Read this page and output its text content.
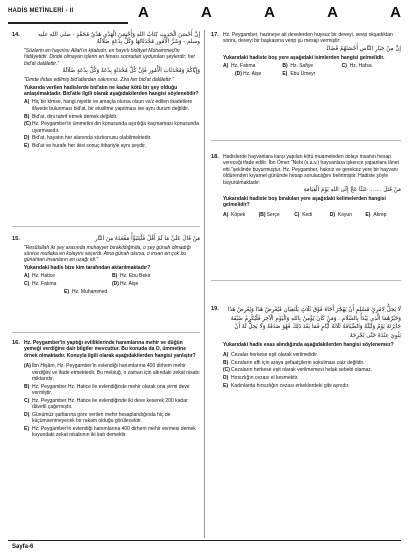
HADİS METİNLERİ - II	A	A	A	A	A
14.	إِنَّ أَحْسَنَ الْحَدِيثِ كِتَابُ اللهِ وَأَحْسَنَ الْهَدْيِ هَدْيُ مُحَمَّدٍ - صلى الله عليه وسلم - وَشَرَّ الْأُمُورِ مُحْدَثَاتُهَا وَكُلُّ بِدْعَةٍ ضَلَالَةٌ

"Sözlerin en hayırlısı Allah'ın kitabıdır, en hayırlı hidâyet Muhammed'in hidâyetidir. Dinde olmayan işlerin en fenası sonradan uydurulan şeylerdir; her bid'at dalâlettir."

وَإِيَّاكُمْ وَمُحْدَثَاتِ الْأُمُورِ فَإِنَّ كُلَّ مُحْدَثَةٍ بِدْعَةٌ وَكُلَّ بِدْعَةٍ ضَلَالَةٌ

"Dinde ihdas edilmiş bid'atlardan sakınınız. Zira her bid'at dalâlettir."

Yukarıda verilen hadislerde bid'atın ne kadar kötü bir şey olduğu anlaşılmaktadır. Bid'atle ilgili olarak aşağıdakilerden hangisi söylenebilir?

A) Hiç bir kimse, hangi niyetle ve amaçla olursa olsun va'z edilen ibadetlere ilâvede bulunması bid'at, bir eksiltme yapılması ise aynı durum değildir.
B) Bid'at, dini tahrif etmek demek değildir.
(C) Hz. Peygamber'in ümmetini din konusunda aşırılığa kaçmaması konusunda uyarmasıdır.
D) Bid'at, hayatın her alanında sözkonusu olabilmektedir.
E) Bid'at ve hurafe her ikisi sonuç itibariyle aynı şeydir.
15.	مَنْ قَالَ عَلَيَّ مَا لَمْ أَقُلْ فَلْيَتَبَوَّأْ مَقْعَدَهُ مِنَ النَّارِ

"Resûlullah iki şey arasında muhayyer bırakıldığında, o şey günah olmadığı sürece mutlaka en kolayını seçerdi. Ama günah olursa, o insan en çok bu günahtan insanların en uzağı idi."

Yukarıdaki hadis bize kim tarafından aktarılmaktadır?

A) Hz. Hatice	B) Hz. Ebu Bekir
C) Hz. Fatıma	(D) Hz. Aişe
E) Hz. Muhammed
16. Hz. Peygamber'in yaptığı evliliklerinde hanımlarına mehir ve düğün yemeği verdiğine dair bilgiler mevcuttur. Bu konuda da O, ümmetine örnek olmaktadır. Konuyla ilgili olarak aşağıdakilerden hangisi yanlıştır?

(A) İbn Hişâm, Hz. Peygamber'in evlendiği hanımlarına 400 dirhem mehir verdiğini ve ifade etmektedir. Bu mebluğ, o zaman için altındaki zekat nisabı miktarıdır.
B) Hz. Peygamber Hz. Hatice ile evlendiğinde mehir olarak ona yirmi deve vermiştir.
C) Hz. Peygamber Hz. Hatice ile evlendiğinde iki deve keserek 200 kadar dâvetli çağırmıştır.
D) Günümüz şartlarına göre verilen mehir hesaplandığında hiç de küçümsenmeyecek bir rakam olduğu görülecektir.
E) Hz. Peygamber'in evlendiği hanımlarına 400 dirhem mehir vermesi demek kuyundaki zekat nisabının iki katı demektir.
17. Hz. Peygamber, hazineye ait develerden huysuz bir deveyi, sevip okşadıktan sonra, deveyi bir başkasına verip şu mesajı vermiştir:

إِنَّ مِنْ خِيَارِ النَّاسِ أَحْسَنَهُمْ قَضَاءً

Yukarıdaki hadiste boş yere aşağıdaki isimlerden hangisi gelmelidir.

A) Hz. Fatıma	B) Hz. Safiye	C) Hz. Hafsa
(D) Hz. Aişe	E) Ebu Ümeyr
18. Hadislerde hayvanlara karşı yapılan kötü muameleden dolayı insanın hesap vereceği ifade edilir. İbn Ömer "Nebi (s.a.v.) hayvanlara işkence yapanlara lânet etti."şeklinde buyurmuştur. Hz. Peygamber, haksız ve gereksiz yere bir hayvanı öldürenden kıyamet gününde hesap sorulacağını belirtmiştir. Hadiste şöyle buyurulmaktadır:

مَنْ قَتَلَ ....... عَبَثًا عَجَّ إِلَى اللهِ يَوْمَ الْقِيَامَةِ

Yukarıdaki hadiste boş bırakılan yere aşağıdaki kelimelerden hangisi gelmelidir?

A) Köpek	(B) Serçe	C) Kedi	D) Koyun	E) Akrep
19.	لَا يَحِلُّ لِامْرِئٍ مُسْلِمٍ أَنْ يَهْجُرَ أَخَاهُ فَوْقَ ثَلَاثٍ يَلْتَقِيَانِ فَيُعْرِضُ هَذَا وَيُعْرِضُ هَذَا وَخَيْرُهُمَا الَّذِي يَبْدَأُ بِالسَّلَامِ . وَمَنْ كَانَ يُؤْمِنُ بِاللهِ وَالْيَوْمِ الْآخِرِ فَلْيُكْرِمْ ضَيْفَهُ جَائِزَتَهُ يَوْمٌ وَلَيْلَةٌ وَالضِّيَافَةُ ثَلَاثَةُ أَيَّامٍ فَمَا بَعْدَ ذَلِكَ فَهُوَ صَدَقَةٌ وَلَا يَحِلُّ لَهُ أَنْ يَثْوِيَ عِنْدَهُ حَتَّى يُحْرِجَهُ

Yukarıdaki hadis esas alındığında aşağıdakilerden hangisi söylenemez?

A) Cezalar herkese eşit olarak verilmelidir.
B) Cezaların affı için araya şefaatçilerin sokulması caiz değildir.
(C) Cezaların herkese eşit olarak verilmemesi helak sebebi olamaz.
D) Hırsızlığın cezası el kesmektir.
E) Kadınlarda hırsızlığın cezası erkeklerdeki gibi aynıdır.
Sayfa-6
